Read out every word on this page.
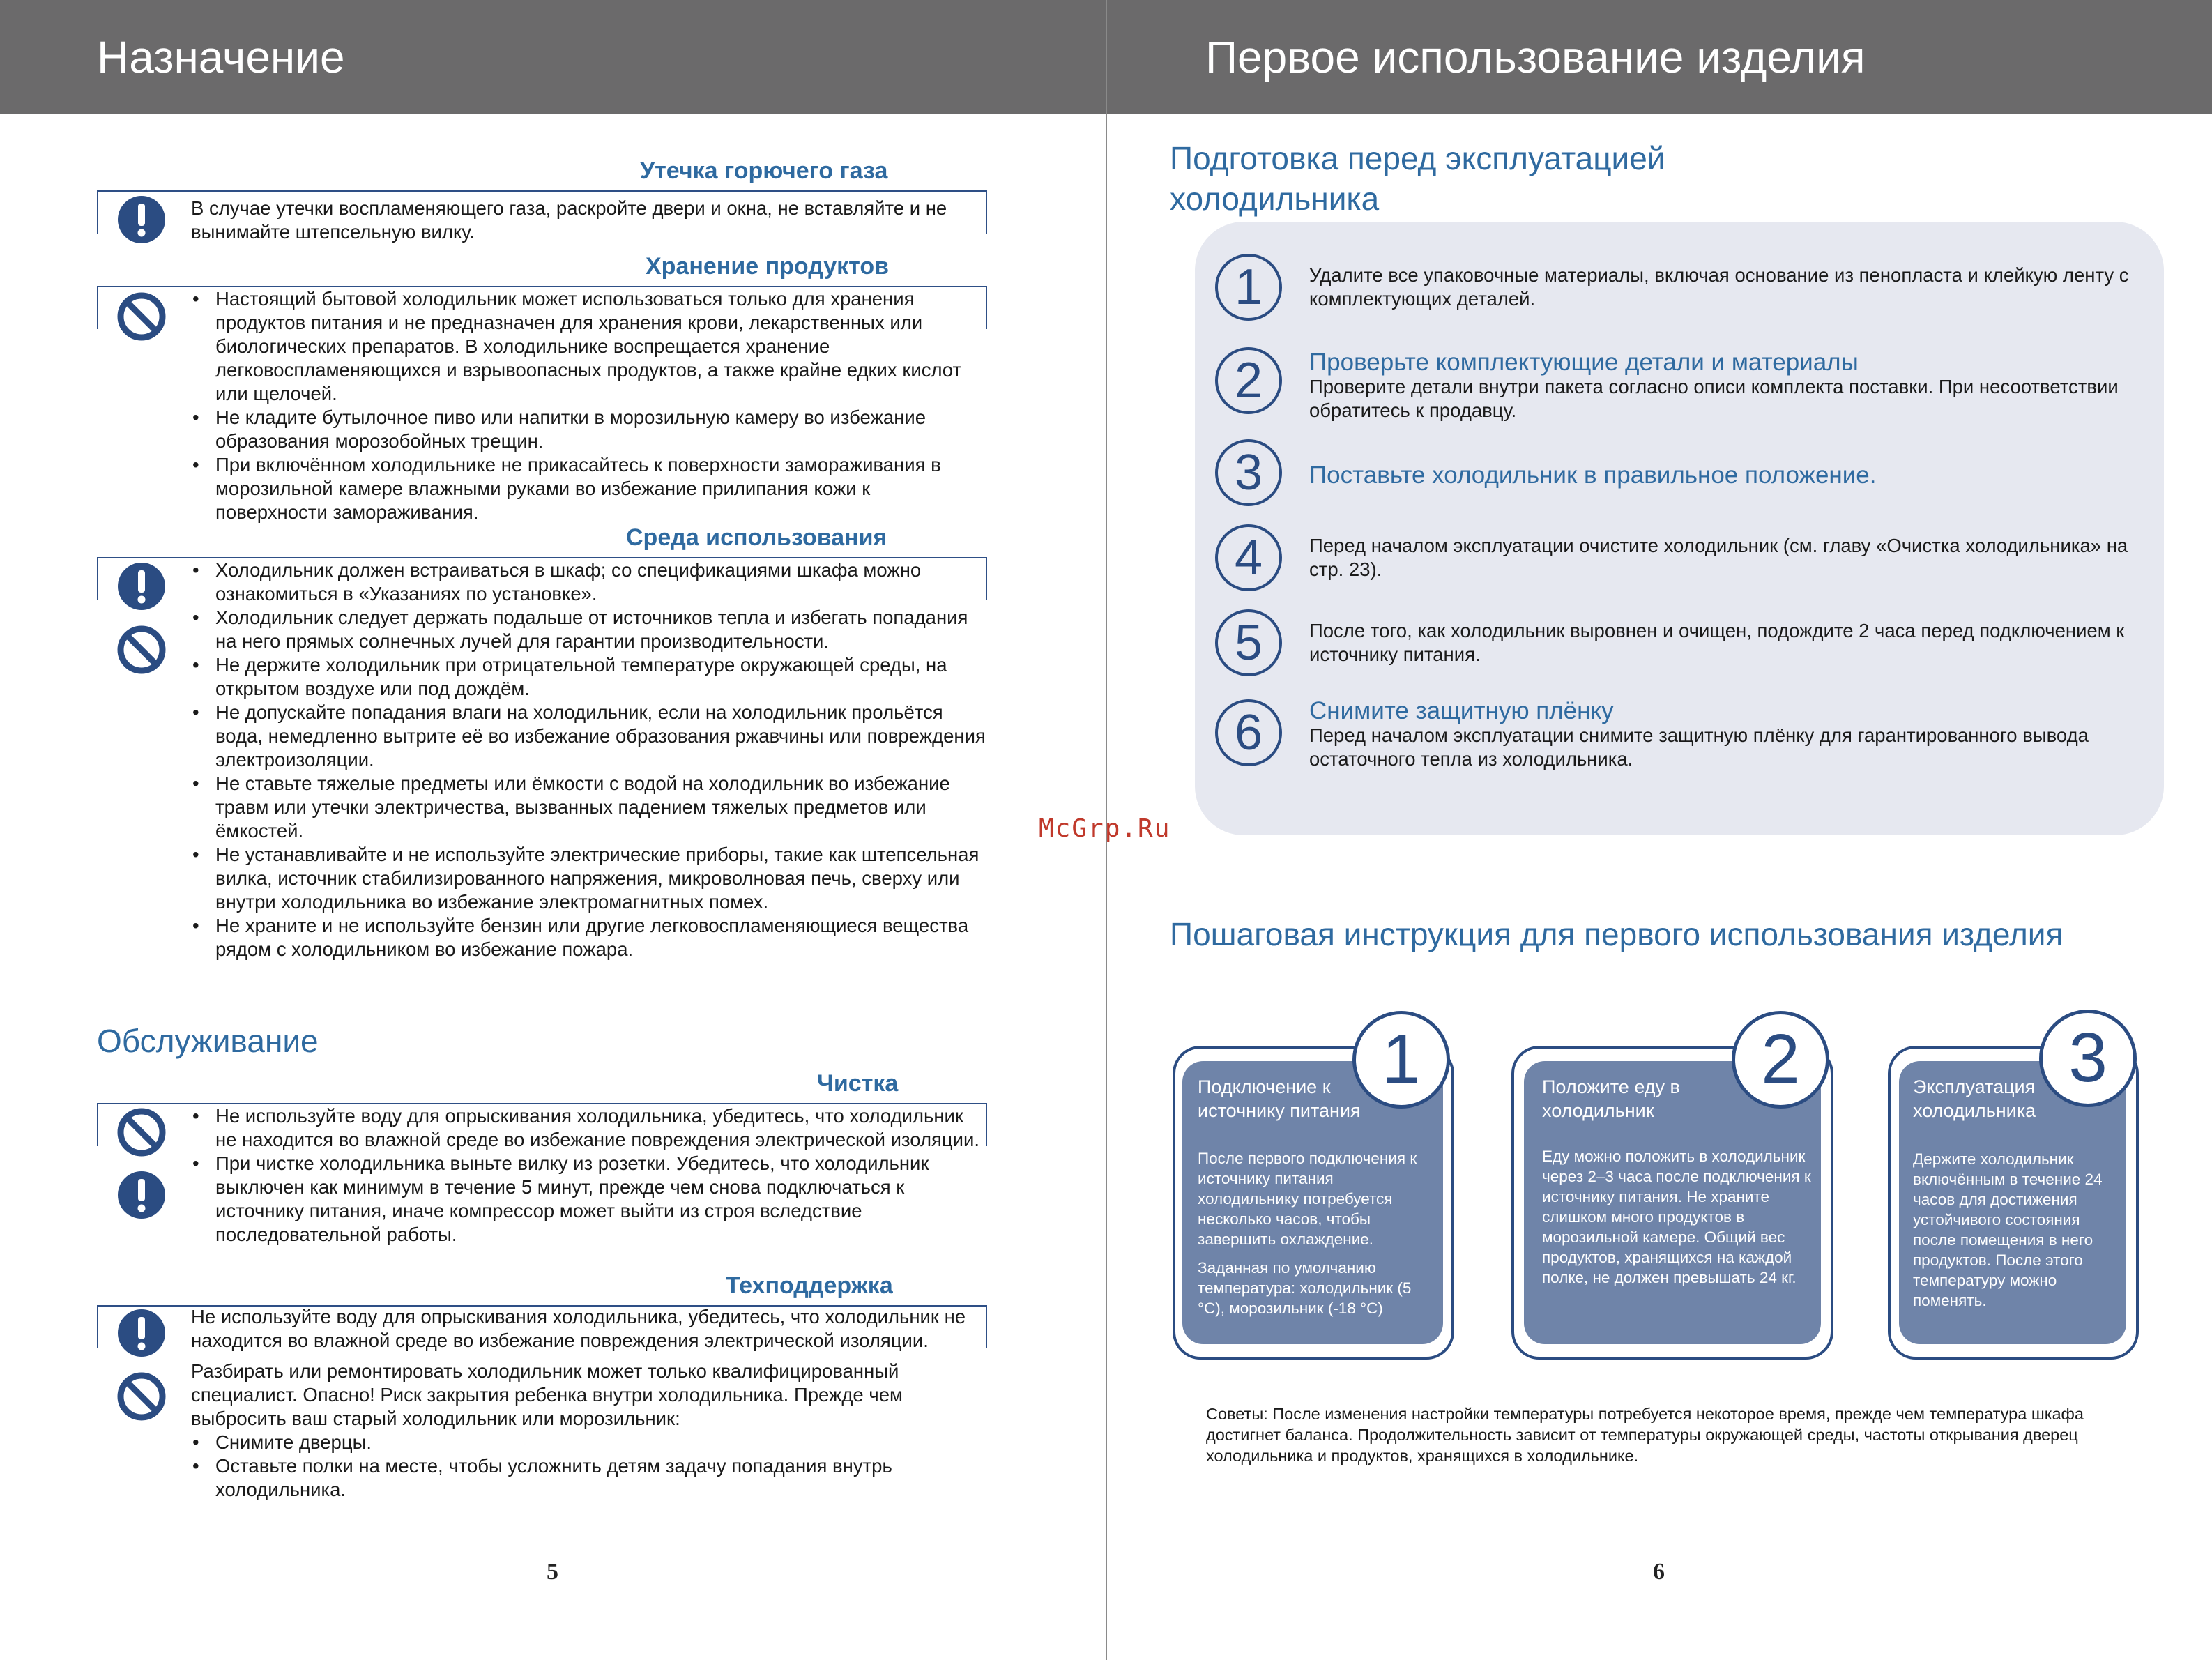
Назначение	Первое использование изделия
Утечка горючего газа
В случае утечки воспламеняющего газа, раскройте двери и окна, не вставляйте и не вынимайте штепсельную вилку.
Хранение продуктов
• Настоящий бытовой холодильник может использоваться только для хранения продуктов питания и не предназначен для хранения крови, лекарственных или биологических препаратов. В холодильнике воспрещается хранение легковоспламеняющихся и взрывоопасных продуктов, а также крайне едких кислот или щелочей.
• Не кладите бутылочное пиво или напитки в морозильную камеру во избежание образования морозобойных трещин.
• При включённом холодильнике не прикасайтесь к поверхности замораживания в морозильной камере влажными руками во избежание прилипания кожи к поверхности замораживания.
Среда использования
• Холодильник должен встраиваться в шкаф; со спецификациями шкафа можно ознакомиться в «Указаниях по установке».
• Холодильник следует держать подальше от источников тепла и избегать попадания на него прямых солнечных лучей для гарантии производительности.
• Не держите холодильник при отрицательной температуре окружающей среды, на открытом воздухе или под дождём.
• Не допускайте попадания влаги на холодильник, если на холодильник прольётся вода, немедленно вытрите её во избежание образования ржавчины или повреждения электроизоляции.
• Не ставьте тяжелые предметы или ёмкости с водой на холодильник во избежание травм или утечки электричества, вызванных падением тяжелых предметов или ёмкостей.
• Не устанавливайте и не используйте электрические приборы, такие как штепсельная вилка, источник стабилизированного напряжения, микроволновая печь, сверху или внутри холодильника во избежание электромагнитных помех.
• Не храните и не используйте бензин или другие легковоспламеняющиеся вещества рядом с холодильником во избежание пожара.
Обслуживание
Чистка
• Не используйте воду для опрыскивания холодильника, убедитесь, что холодильник не находится во влажной среде во избежание повреждения электрической изоляции.
• При чистке холодильника выньте вилку из розетки. Убедитесь, что холодильник выключен как минимум в течение 5 минут, прежде чем снова подключаться к источнику питания, иначе компрессор может выйти из строя вследствие последовательной работы.
Техподдержка
Не используйте воду для опрыскивания холодильника, убедитесь, что холодильник не находится во влажной среде во избежание повреждения электрической изоляции.
Разбирать или ремонтировать холодильник может только квалифицированный специалист. Опасно! Риск закрытия ребенка внутри холодильника. Прежде чем выбросить ваш старый холодильник или морозильник:
• Снимите дверцы.
• Оставьте полки на месте, чтобы усложнить детям задачу попадания внутрь холодильника.
5
Подготовка перед эксплуатацией холодильника
1	Удалите все упаковочные материалы, включая основание из пенопласта и клейкую ленту с комплектующих деталей.
2	Проверьте комплектующие детали и материалы
Проверите детали внутри пакета согласно описи комплекта поставки. При несоответствии обратитесь к продавцу.
3	Поставьте холодильник в правильное положение.
4	Перед началом эксплуатации очистите холодильник (см. главу «Очистка холодильника» на стр. 23).
5	После того, как холодильник выровнен и очищен, подождите 2 часа перед подключением к источнику питания.
6	Снимите защитную плёнку
Перед началом эксплуатации снимите защитную плёнку для гарантированного вывода остаточного тепла из холодильника.
McGrp.Ru
Пошаговая инструкция для первого использования изделия
Подключение к источнику питания
После первого подключения к источнику питания холодильнику потребуется несколько часов, чтобы завершить охлаждение.
Заданная по умолчанию температура: холодильник (5 °С), морозильник (-18 °С)
1	Положите еду в холодильник
Еду можно положить в холодильник через 2–3 часа после подключения к источнику питания. Не храните слишком много продуктов в морозильной камере. Общий вес продуктов, хранящихся на каждой полке, не должен превышать 24 кг.
2	Эксплуатация холодильника
Держите холодильник включённым в течение 24 часов для достижения устойчивого состояния после помещения в него продуктов. После этого температуру можно поменять.
3
Советы: После изменения настройки температуры потребуется некоторое время, прежде чем температура шкафа достигнет баланса. Продолжительность зависит от температуры окружающей среды, частоты открывания дверец холодильника и продуктов, хранящихся в холодильнике.
6
